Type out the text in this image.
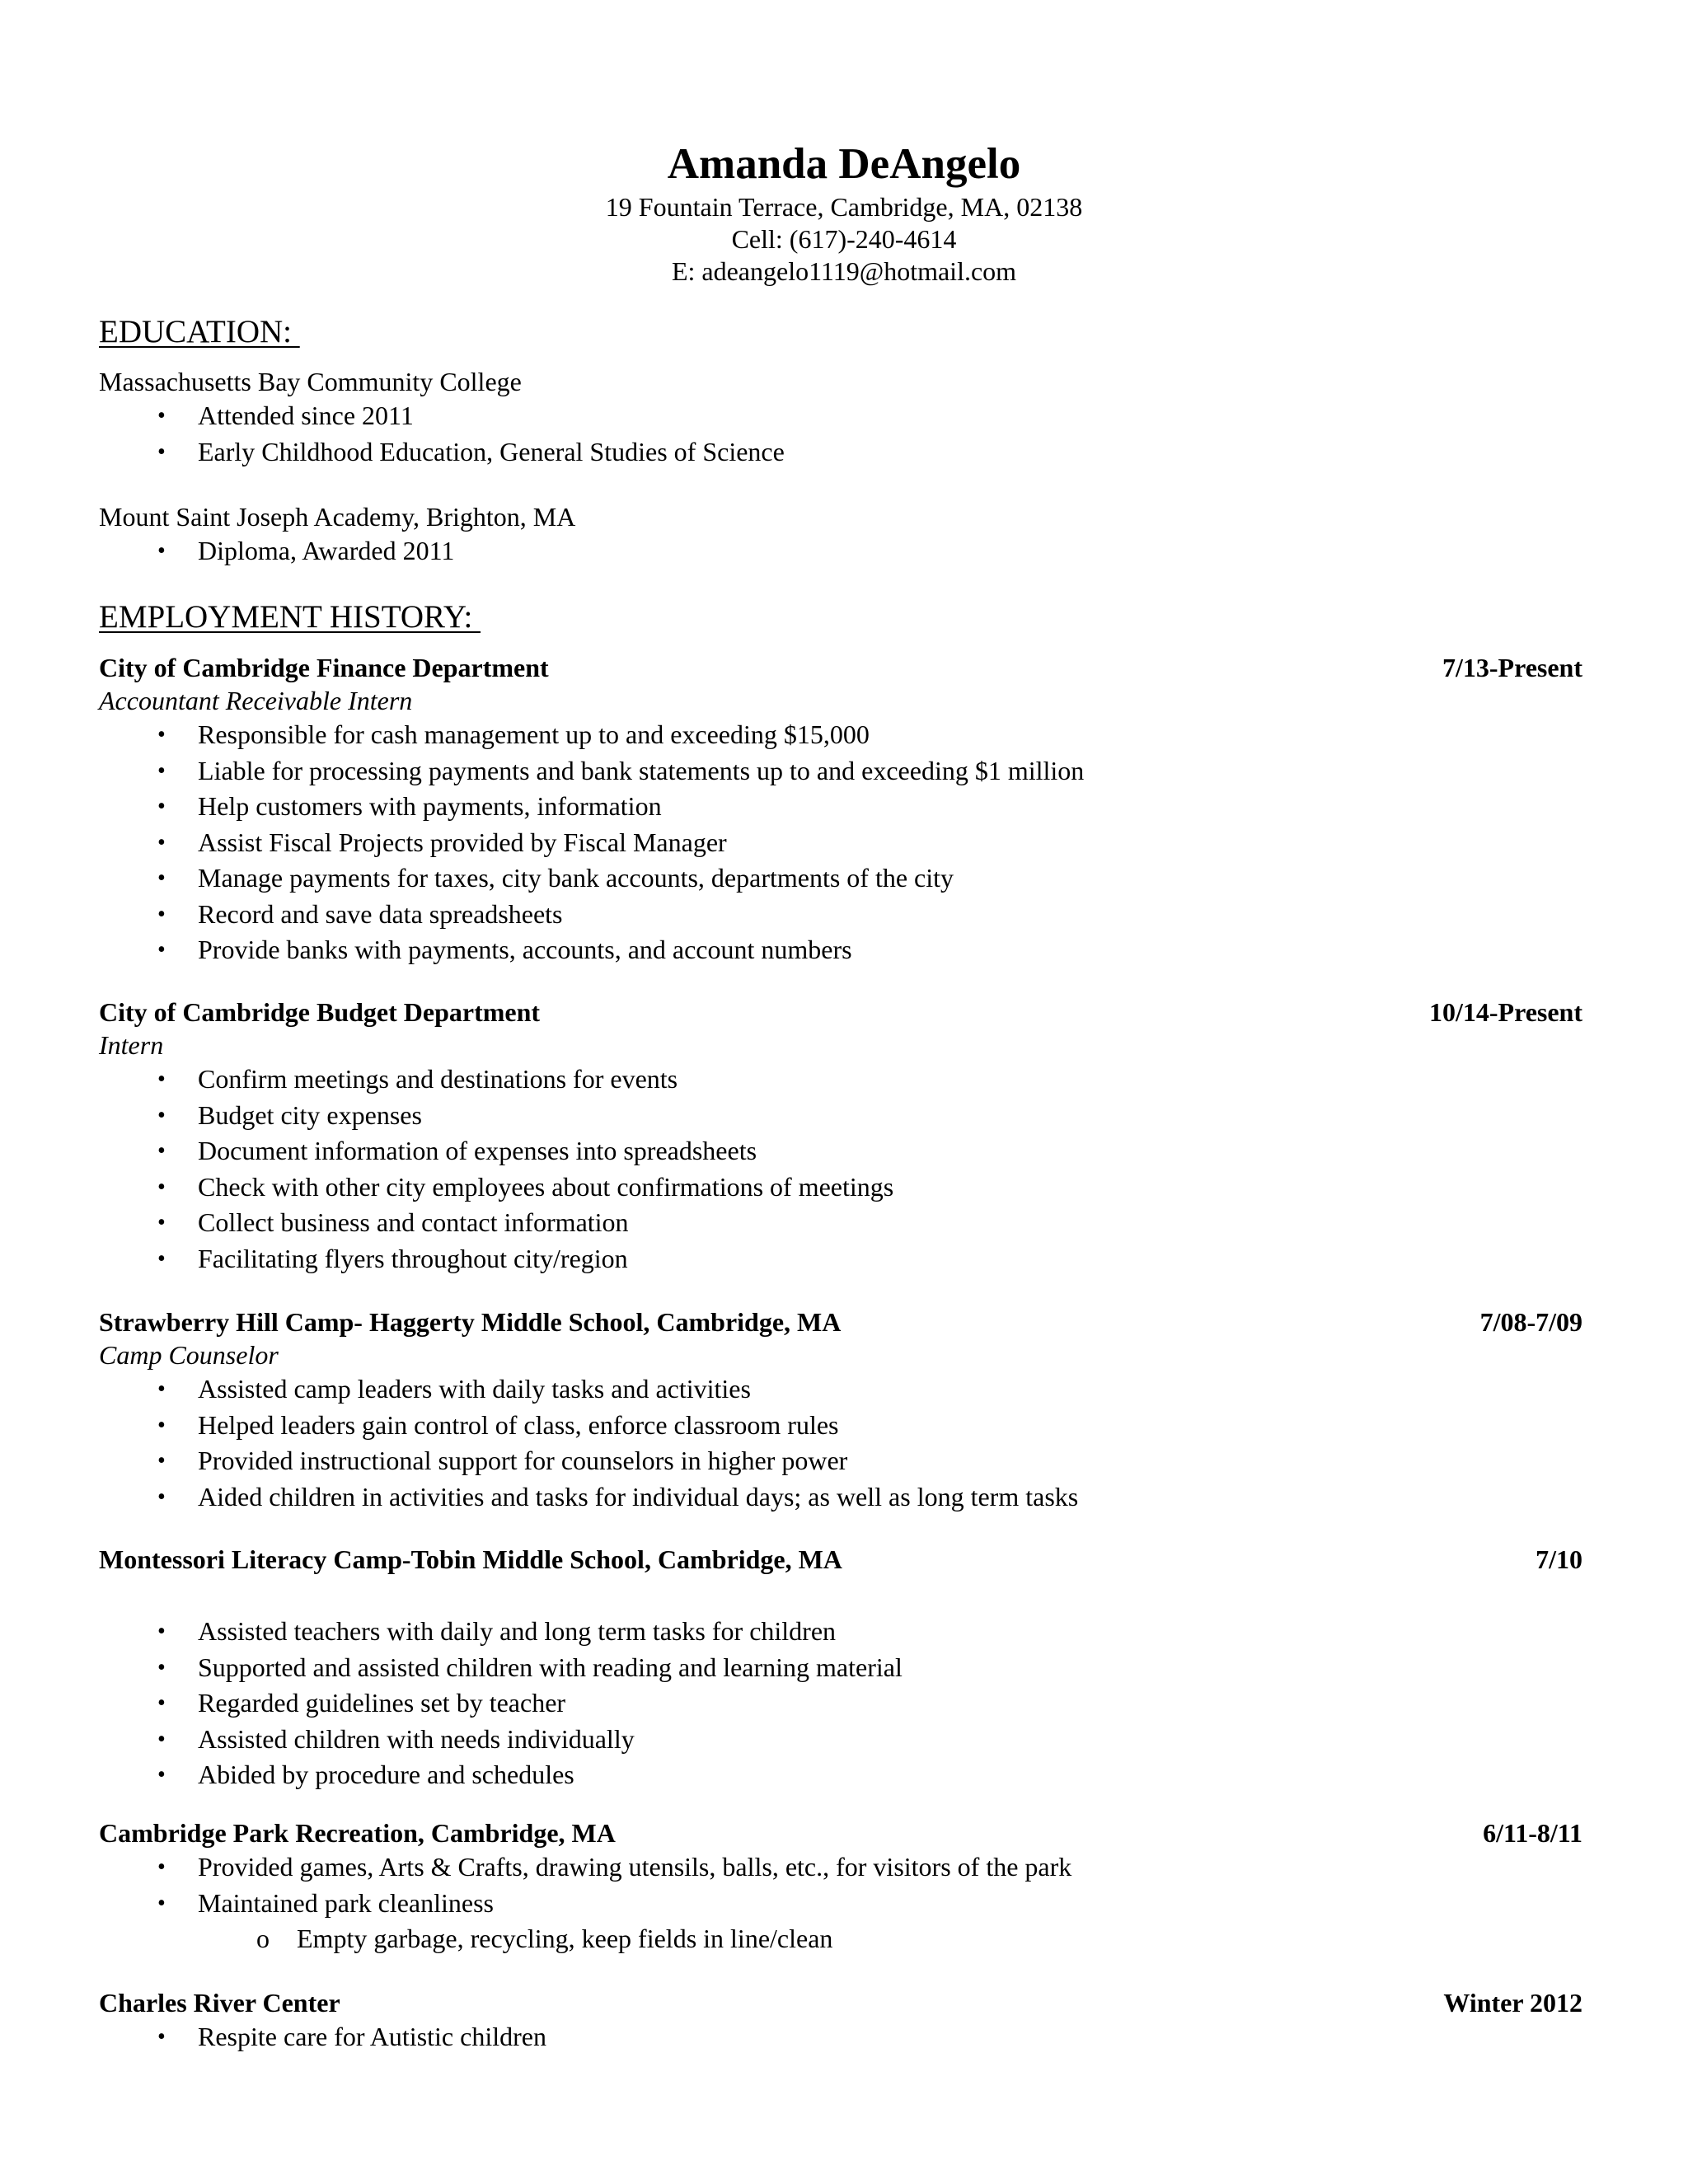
Amanda DeAngelo

19 Fountain Terrace, Cambridge, MA, 02138

Cell: (617)-240-4614

E: adeangelo1119@hotmail.com

EDUCATION:

Massachusetts Bay Community College

• Attended since 2011
• Early Childhood Education, General Studies of Science

Mount Saint Joseph Academy, Brighton, MA

• Diploma, Awarded 2011

EMPLOYMENT HISTORY:

City of Cambridge Finance Department	7/13-Present

Accountant Receivable Intern

• Responsible for cash management up to and exceeding $15,000
• Liable for processing payments and bank statements up to and exceeding $1 million
• Help customers with payments, information
• Assist Fiscal Projects provided by Fiscal Manager
• Manage payments for taxes, city bank accounts, departments of the city
• Record and save data spreadsheets
• Provide banks with payments, accounts, and account numbers
City of Cambridge Budget Department	10/14-Present

Intern

• Confirm meetings and destinations for events
• Budget city expenses
• Document information of expenses into spreadsheets
• Check with other city employees about confirmations of meetings
• Collect business and contact information
• Facilitating flyers throughout city/region
Strawberry Hill Camp- Haggerty Middle School, Cambridge, MA	7/08-7/09

Camp Counselor

• Assisted camp leaders with daily tasks and activities
• Helped leaders gain control of class, enforce classroom rules
• Provided instructional support for counselors in higher power
• Aided children in activities and tasks for individual days; as well as long term tasks
Montessori Literacy Camp-Tobin Middle School, Cambridge, MA	7/10
• Assisted teachers with daily and long term tasks for children
• Supported and assisted children with reading and learning material
• Regarded guidelines set by teacher
• Assisted children with needs individually
• Abided by procedure and schedules
Cambridge Park Recreation, Cambridge, MA	6/11-8/11
• Provided games, Arts & Crafts, drawing utensils, balls, etc., for visitors of the park
• Maintained park cleanliness
o Empty garbage, recycling, keep fields in line/clean
Charles River Center	Winter 2012
• Respite care for Autistic children
